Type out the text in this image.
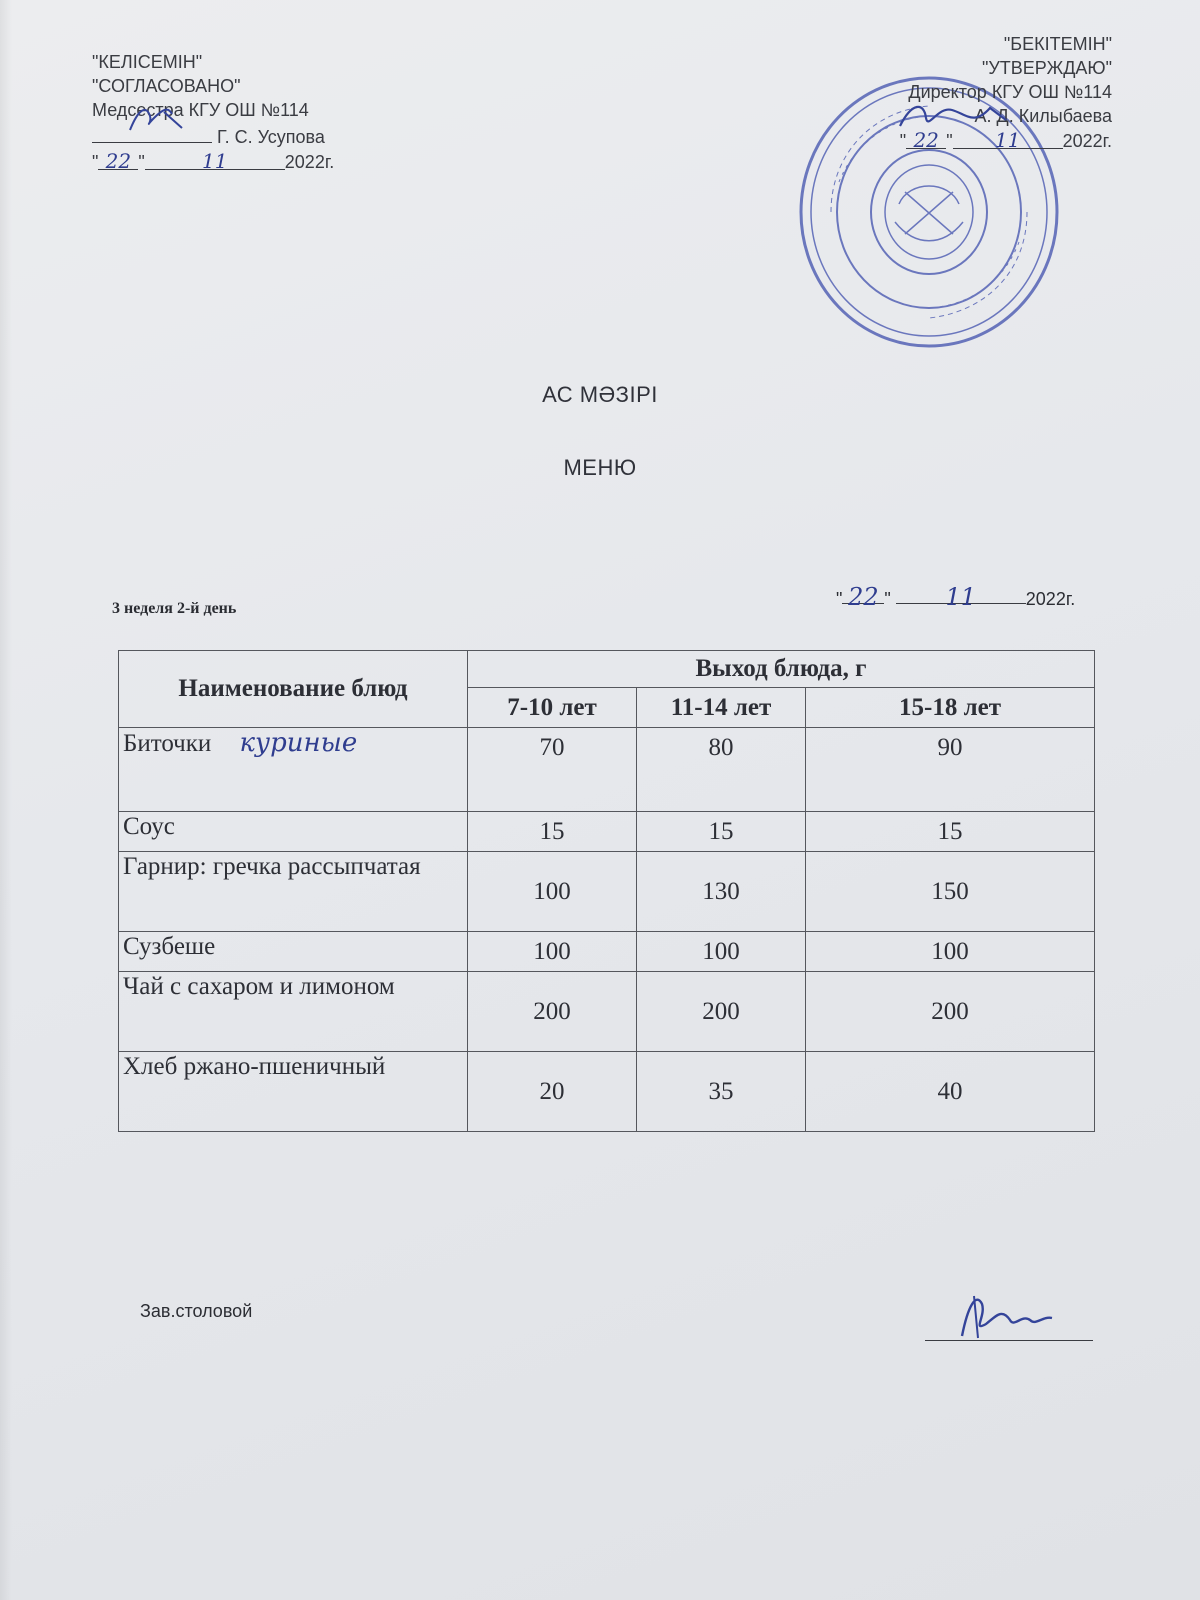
"КЕЛІСЕМІН"
"СОГЛАСОВАНО"
Медсестра КГУ ОШ №114
Г. С. Усупова
" 22 "	11	2022г.
"БЕКІТЕМІН"
"УТВЕРЖДАЮ"
Директор КГУ ОШ №114
А. Д. Килыбаева
" 22 " 11 2022г.
АС МӘЗІРІ
МЕНЮ
3 неделя 2-й день	" 22 " 11	2022г.
Наименование блюд	Выход блюда, г		
	7-10 лет	11-14 лет	15-18 лет
Биточки куриные	70	80	90
Соус	15	15	15
Гарнир: гречка рассыпчатая	100	130	150
Сузбеше	100	100	100
Чай с сахаром и лимоном	200	200	200
Хлеб ржано-пшеничный	20	35	40
Зав.столовой
